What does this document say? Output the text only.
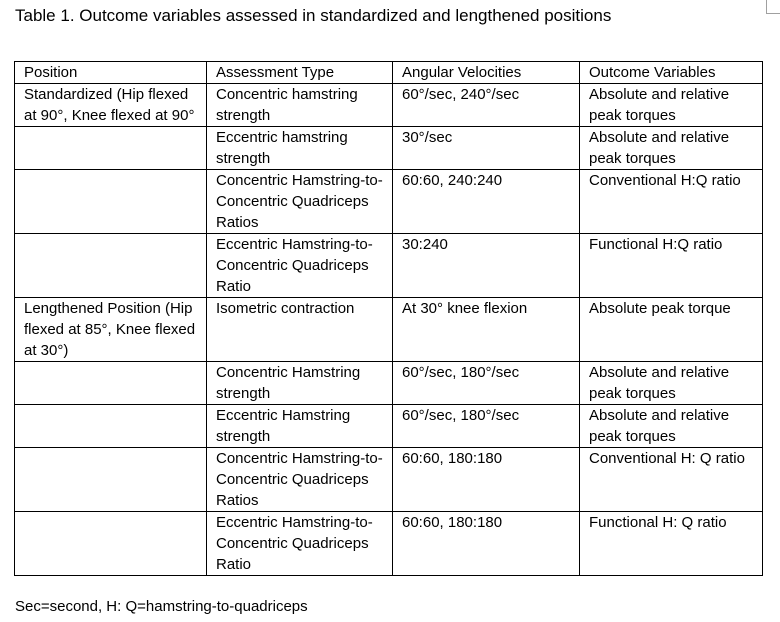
Table 1. Outcome variables assessed in standardized and lengthened positions
Position	Assessment Type	Angular Velocities	Outcome Variables
Standardized (Hip flexed at 90°, Knee flexed at 90°	Concentric hamstring strength	60°/sec, 240°/sec	Absolute and relative peak torques
	Eccentric hamstring strength	30°/sec	Absolute and relative peak torques
	Concentric Hamstring-to-Concentric Quadriceps Ratios	60:60, 240:240	Conventional H:Q ratio
	Eccentric Hamstring-to-Concentric Quadriceps Ratio	30:240	Functional H:Q ratio
Lengthened Position (Hip flexed at 85°, Knee flexed at 30°)	Isometric contraction	At 30° knee flexion	Absolute peak torque
	Concentric Hamstring strength	60°/sec, 180°/sec	Absolute and relative peak torques
	Eccentric Hamstring strength	60°/sec, 180°/sec	Absolute and relative peak torques
	Concentric Hamstring-to-Concentric Quadriceps Ratios	60:60, 180:180	Conventional H: Q ratio
	Eccentric Hamstring-to-Concentric Quadriceps Ratio	60:60, 180:180	Functional H: Q ratio
Sec=second, H: Q=hamstring-to-quadriceps
